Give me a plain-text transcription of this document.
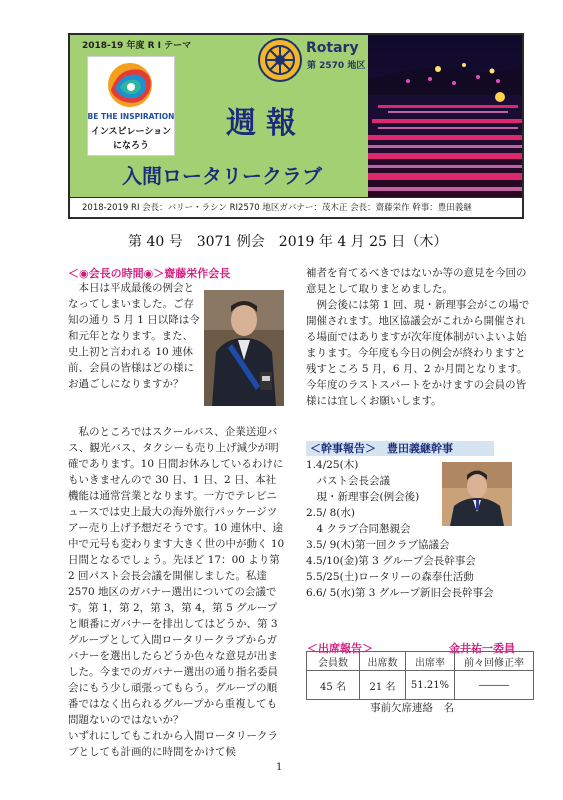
2018-19 年度 R I テーマ
BE THE INSPIRATION
インスピレーション
になろう
Rotary
第 2570 地区
週報
入間ロータリークラブ
2018-2019 RI 会長：バリー・ラシン RI2570 地区ガバナー：茂木正 会長：齋藤栄作 幹事：豊田義継
第 40 号　3071 例会　2019 年 4 月 25 日（木）
＜◉会長の時間◉＞齋藤栄作会長

　本日は平成最後の例会となってしまいました。ご存知の通り 5 月 1 日以降は令和元年となります。また、史上初と言われる 10 連休前、会員の皆様はどの様にお過ごしになりますか？

　私のところではスクールバス、企業送迎バス、観光バス、タクシーも売り上げ減少が明確であります。10 日間お休みしているわけにもいきませんので 30 日、1 日、2 日、本社機能は通常営業となります。一方でテレビニュースでは史上最大の海外旅行パッケージツアー売り上げ予想だそうです。10 連休中、途中で元号も変わります大きく世の中が動く 10 日間となるでしょう。先ほど 17：00 より第 2 回パスト会長会議を開催しました。私達 2570 地区のガバナー選出についての会議です。第 1，第 2，第 3，第 4，第 5 グループと順番にガバナーを排出してはどうか、第 3 グループとして入間ロータリークラブからガバナーを選出したらどうか色々な意見が出ました。今までのガバナー選出の通り指名委員会にもう少し頑張ってもらう。グループの順番ではなく出られるグループから重複しても問題ないのではないか？

いずれにしてもこれから入間ロータリークラブとしても計画的に時間をかけて候

補者を育てるべきではないか等の意見を今回の意見として取りまとめました。

　例会後には第 1 回、現・新理事会がこの場で開催されます。地区協議会がこれから開催される場面ではありますが次年度体制がいよいよ始まります。今年度も今日の例会が終わりますと残すところ 5 月，6 月、2 か月間となります。今年度のラストスパートをかけますの会員の皆様には宜しくお願いします。

＜幹事報告＞　豊田義継幹事
1.4/25(木)
　パスト会長会議
　現・新理事会(例会後)
2.5/ 8(水)
　4 クラブ合同懇親会
3.5/ 9(木)第一回クラブ協議会
4.5/10(金)第 3 グループ会長幹事会
5.5/25(土)ロータリーの森奉仕活動
6.6/ 5(水)第 3 グループ新旧会長幹事会
＜出席報告＞	金井祐一委員
会員数	出席数	出席率	前々回修正率
45 名	21 名	51.21%	―――
事前欠席連絡　名
1
